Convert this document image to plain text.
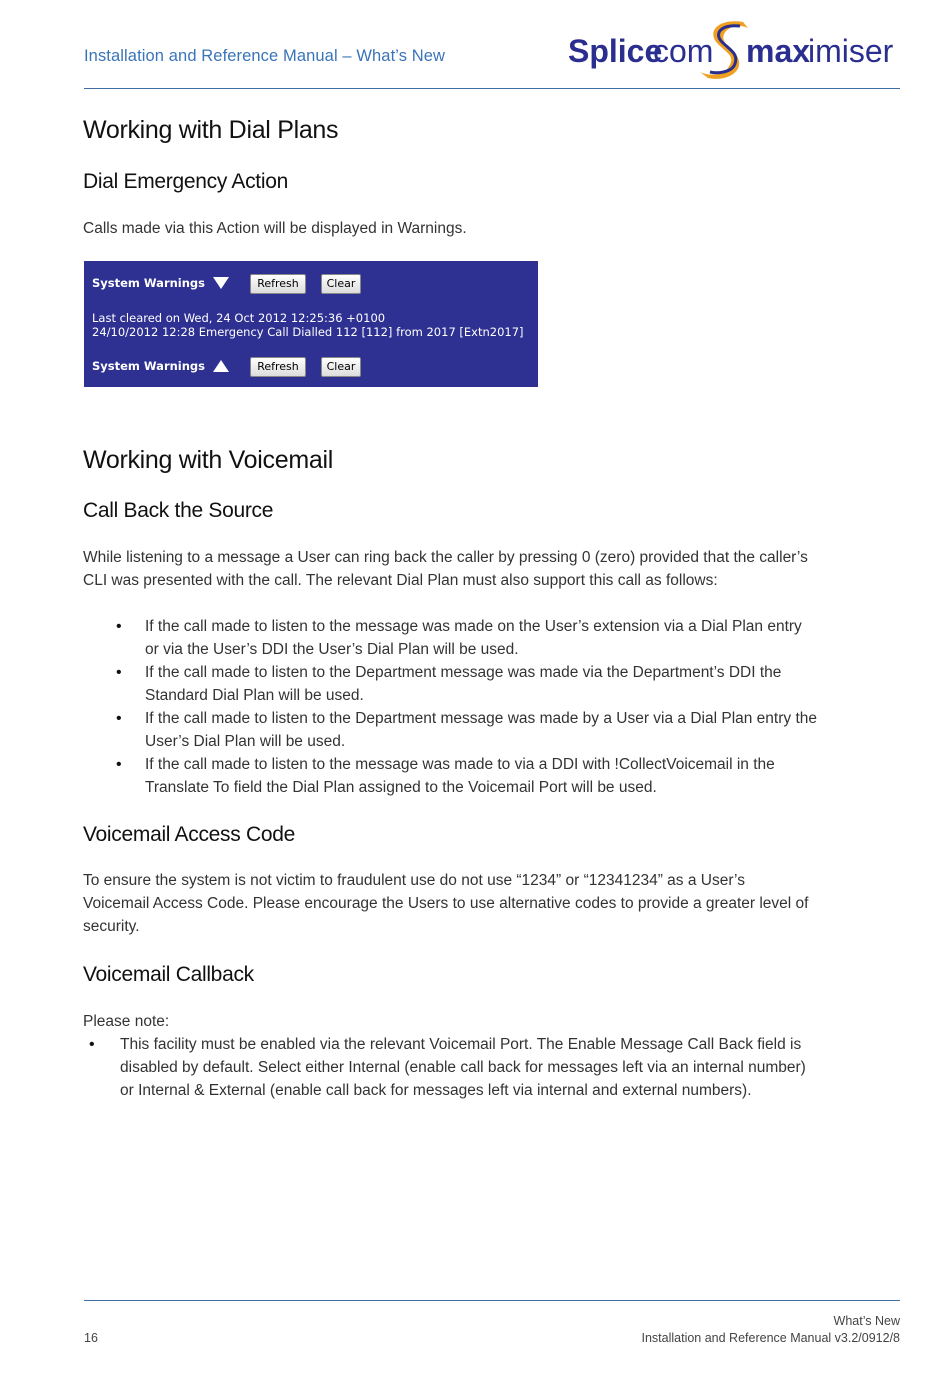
Installation and Reference Manual – What’s New	Splice
com max
imiser
Working with Dial Plans
Dial Emergency Action

Calls made via this Action will be displayed in Warnings.

System Warnings	Refresh	Clear
Last cleared on Wed, 24 Oct 2012 12:25:36 +0100
24/10/2012 12:28 Emergency Call Dialled 112 [112] from 2017 [Extn2017]
System Warnings	Refresh	Clear
Working with Voicemail
Call Back the Source

While listening to a message a User can ring back the caller by pressing 0 (zero) provided that the caller’s
CLI was presented with the call. The relevant Dial Plan must also support this call as follows:

• If the call made to listen to the message was made on the User’s extension via a Dial Plan entry
or via the User’s DDI the User’s Dial Plan will be used.
• If the call made to listen to the Department message was made via the Department’s DDI the
Standard Dial Plan will be used.
• If the call made to listen to the Department message was made by a User via a Dial Plan entry the
User’s Dial Plan will be used.
• If the call made to listen to the message was made to via a DDI with !CollectVoicemail in the
Translate To field the Dial Plan assigned to the Voicemail Port will be used.
Voicemail Access Code

To ensure the system is not victim to fraudulent use do not use “1234” or “12341234” as a User’s
Voicemail Access Code. Please encourage the Users to use alternative codes to provide a greater level of
security.

Voicemail Callback

Please note:

• This facility must be enabled via the relevant Voicemail Port. The Enable Message Call Back field is
disabled by default. Select either Internal (enable call back for messages left via an internal number)
or Internal & External (enable call back for messages left via internal and external numbers).
What’s New
Installation and Reference Manual v3.2/0912/8
16
